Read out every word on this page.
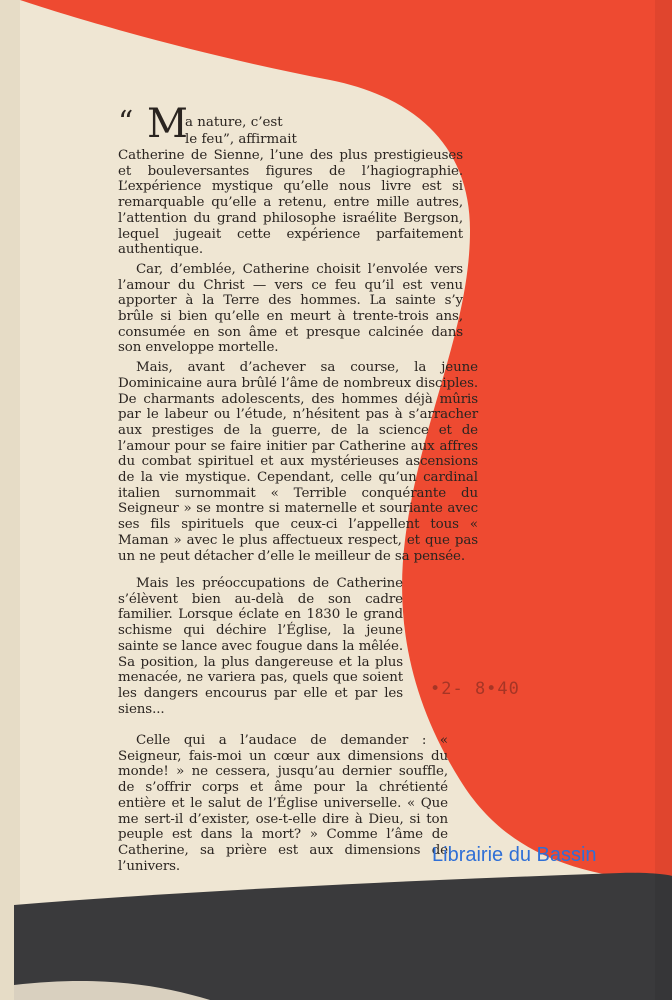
“ M
a nature, c’est
le feu”, affirmait

Catherine de Sienne, l’une des plus prestigieuses et bouleversantes figures de l’hagiographie. L’expérience mystique qu’elle nous livre est si remarquable qu’elle a retenu, entre mille autres, l’attention du grand philosophe israélite Bergson, lequel jugeait cette expérience parfaitement authentique.

Car, d’emblée, Catherine choisit l’envolée vers l’amour du Christ — vers ce feu qu’il est venu apporter à la Terre des hommes. La sainte s’y brûle si bien qu’elle en meurt à trente-trois ans, consumée en son âme et presque calcinée dans son enveloppe mortelle.

Mais, avant d’achever sa course, la jeune Dominicaine aura brûlé l’âme de nombreux disciples. De charmants adolescents, des hommes déjà mûris par le labeur ou l’étude, n’hésitent pas à s’arracher aux prestiges de la guerre, de la science et de l’amour pour se faire initier par Catherine aux affres du combat spirituel et aux mystérieuses ascensions de la vie mystique. Cependant, celle qu’un cardinal italien surnommait « Terrible conquérante du Seigneur » se montre si maternelle et souriante avec ses fils spirituels que ceux-ci l’appellent tous « Maman » avec le plus affectueux respect, et que pas un ne peut détacher d’elle le meilleur de sa pensée.

Mais les préoccupations de Catherine s’élèvent bien au-delà de son cadre familier. Lorsque éclate en 1830 le grand schisme qui déchire l’Église, la jeune sainte se lance avec fougue dans la mêlée. Sa position, la plus dangereuse et la plus menacée, ne variera pas, quels que soient les dangers encourus par elle et par les siens...

Celle qui a l’audace de demander : « Seigneur, fais-moi un cœur aux dimensions du monde! » ne cessera, jusqu’au dernier souffle, de s’offrir corps et âme pour la chrétienté entière et le salut de l’Église universelle. « Que me sert-il d’exister, ose-t-elle dire à Dieu, si ton peuple est dans la mort? » Comme l’âme de Catherine, sa prière est aux dimensions de l’univers.

•2- 8•40
Librairie du Bassin
